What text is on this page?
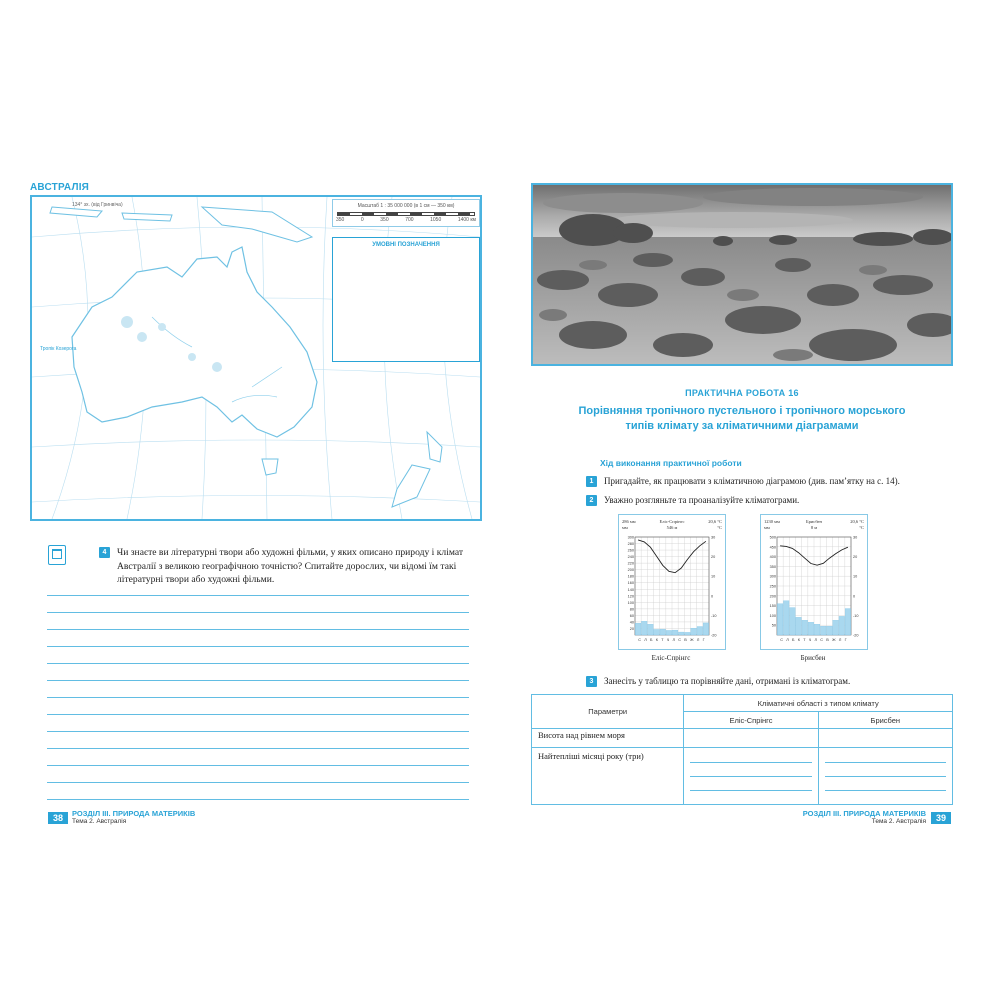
АВСТРАЛІЯ
Тропік Козерога
134° зх. (від Гринвіча)	Масштаб 1 : 35 000 000 (в 1 см — 350 км)
350	0	350	700	1050	1400 км
УМОВНІ ПОЗНАЧЕННЯ
4	Чи знаєте ви літературні твори або художні фільми, у яких описано природу і клімат Австралії з великою географічною точністю? Спитайте дорослих, чи відомі їм такі літературні твори або художні фільми.
38	РОЗДІЛ III. ПРИРОДА МАТЕРИКІВ
Тема 2. Австралія
ПРАКТИЧНА РОБОТА 16
Порівняння тропічного пустельного і тропічного морського типів клімату за кліматичними діаграмами
Хід виконання практичної роботи
1	Пригадайте, як працювати з кліматичною діаграмою (див. пам’ятку на с. 14).
2	Уважно розгляньте та проаналізуйте кліматограми.
286 мм
мм
Еліс-Спрінгс
546 м
20,6 °C
°C
300
280
260
240
220
200
180
160
140
120
100
80
60
40
20
30
20
10
0
-10
-20
С Л Б К Т Ч Л С В Ж Л Г
Еліс-Спрінгс
1230 мм
мм
Брисбен
8 м
20,6 °C
°C
500
450
400
350
300
250
200
150
100
50
30
20
10
0
-10
-20
С Л Б К Т Ч Л С В Ж Л Г
Брисбен
3	Занесіть у таблицю та порівняйте дані, отримані із кліматограм.
Параметри	Кліматичні області з типом клімату	
	Еліс-Спрінгс	Брисбен
Висота над рівнем моря		
Найтепліші місяці року (три)	

39
РОЗДІЛ III. ПРИРОДА МАТЕРИКІВ
Тема 2. Австралія
